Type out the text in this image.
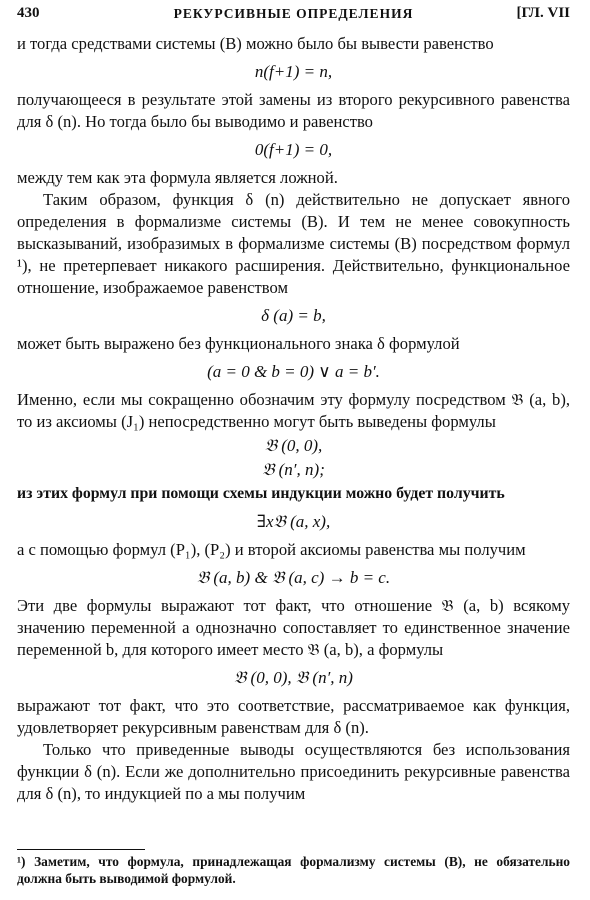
430	РЕКУРСИВНЫЕ ОПРЕДЕЛЕНИЯ	[ГЛ. VII

и тогда средствами системы (B) можно было бы вывести равенство

n(f+1) = n,

получающееся в результате этой замены из второго рекурсивного равенства для δ (n). Но тогда было бы выводимо и равенство

0(f+1) = 0,

между тем как эта формула является ложной.

Таким образом, функция δ (n) действительно не допускает явного определения в формализме системы (B). И тем не менее совокупность высказываний, изобразимых в формализме системы (B) посредством формул ¹), не претерпевает никакого расширения. Действительно, функциональное отношение, изображаемое равенством

δ (a) = b,

может быть выражено без функционального знака δ формулой

(a = 0 & b = 0) ∨ a = b′.

Именно, если мы сокращенно обозначим эту формулу посредством 𝔅 (a, b), то из аксиомы (J₁) непосредственно могут быть выведены формулы

𝔅 (0, 0),
𝔅 (n′, n);

из этих формул при помощи схемы индукции можно будет получить

∃x𝔅 (a, x),

а с помощью формул (P₁), (P₂) и второй аксиомы равенства мы получим

𝔅 (a, b) & 𝔅 (a, c) → b = c.

Эти две формулы выражают тот факт, что отношение 𝔅 (a, b) всякому значению переменной a однозначно сопоставляет то единственное значение переменной b, для которого имеет место 𝔅 (a, b), а формулы

𝔅 (0, 0), 𝔅 (n′, n)

выражают тот факт, что это соответствие, рассматриваемое как функция, удовлетворяет рекурсивным равенствам для δ (n).

Только что приведенные выводы осуществляются без использования функции δ (n). Если же дополнительно присоединить рекурсивные равенства для δ (n), то индукцией по a мы получим

¹) Заметим, что формула, принадлежащая формализму системы (B), не обязательно должна быть выводимой формулой.
